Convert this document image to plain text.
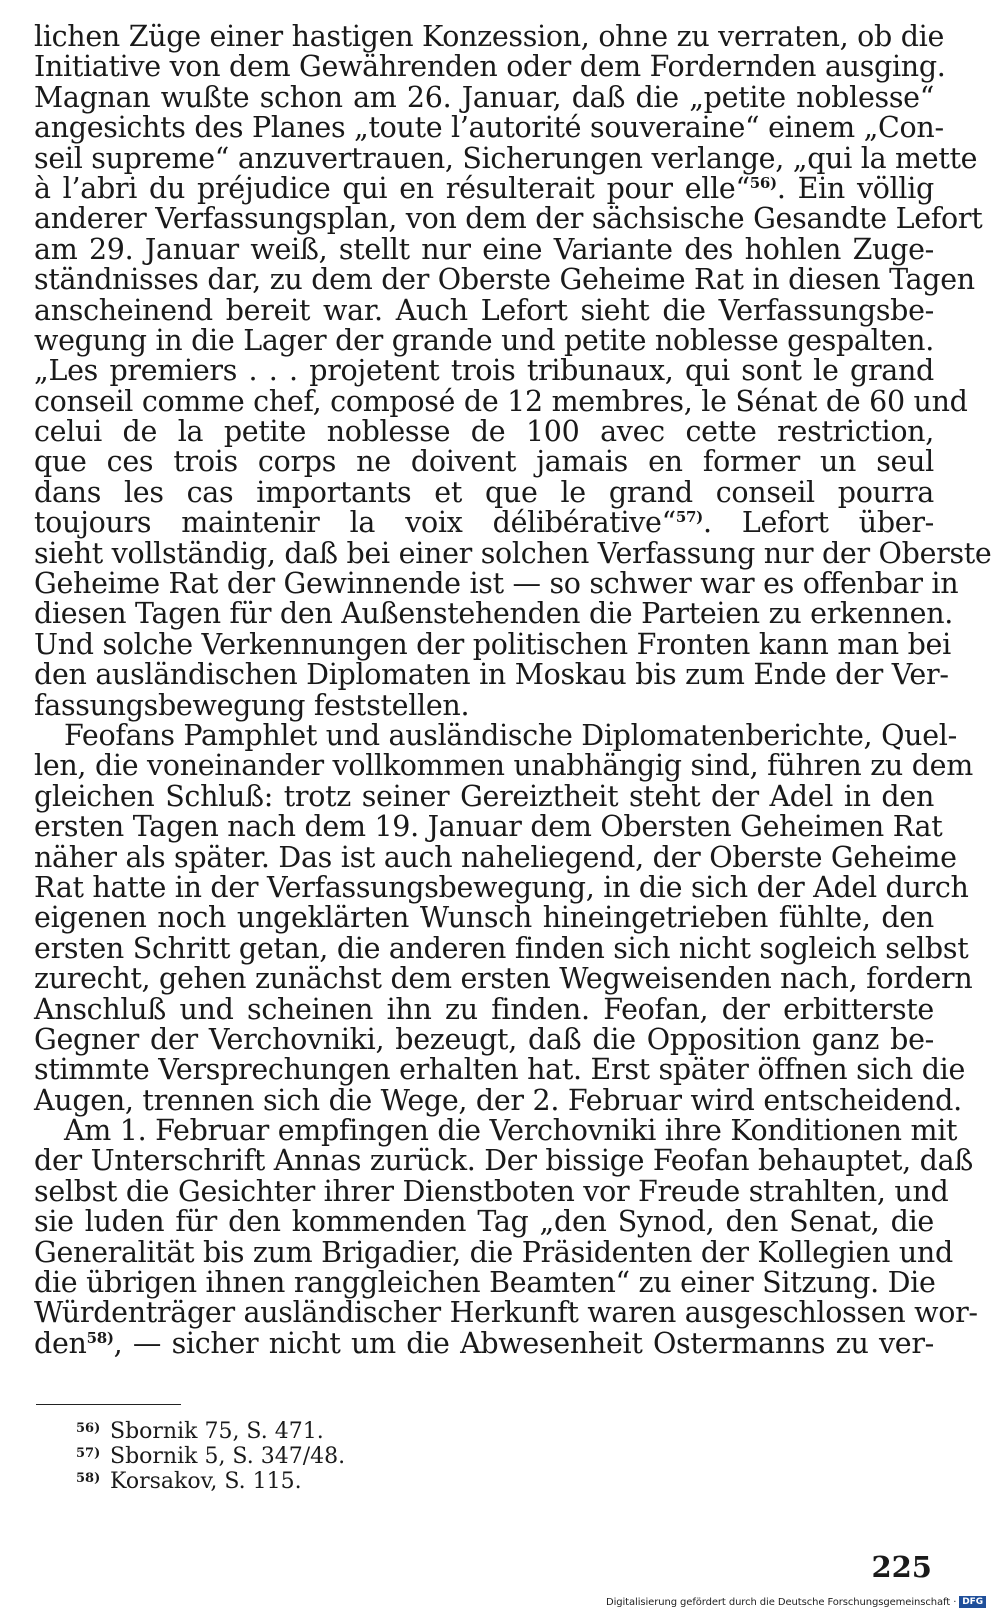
lichen Züge einer hastigen Konzession, ohne zu verraten, ob die
Initiative von dem Gewährenden oder dem Fordernden ausging.
Magnan wußte schon am 26. Januar, daß die „petite noblesse“
angesichts des Planes „toute l’autorité souveraine“ einem „Con-
seil supreme“ anzuvertrauen, Sicherungen verlange, „qui la mette
à l’abri du préjudice qui en résulterait pour elle“$^{56)}$. Ein völlig
anderer Verfassungsplan, von dem der sächsische Gesandte Lefort
am 29. Januar weiß, stellt nur eine Variante des hohlen Zuge-
ständnisses dar, zu dem der Oberste Geheime Rat in diesen Tagen
anscheinend bereit war. Auch Lefort sieht die Verfassungsbe-
wegung in die Lager der grande und petite noblesse gespalten.
„Les premiers . . . projetent trois tribunaux, qui sont le grand
conseil comme chef, composé de 12 membres, le Sénat de 60 und
celui de la petite noblesse de 100 avec cette restriction,
que ces trois corps ne doivent jamais en former un seul
dans les cas importants et que le grand conseil pourra
toujours maintenir la voix délibérative“$^{57)}$. Lefort über-
sieht vollständig, daß bei einer solchen Verfassung nur der Oberste
Geheime Rat der Gewinnende ist — so schwer war es offenbar in
diesen Tagen für den Außenstehenden die Parteien zu erkennen.
Und solche Verkennungen der politischen Fronten kann man bei
den ausländischen Diplomaten in Moskau bis zum Ende der Ver-
fassungsbewegung feststellen.
Feofans Pamphlet und ausländische Diplomatenberichte, Quel-
len, die voneinander vollkommen unabhängig sind, führen zu dem
gleichen Schluß: trotz seiner Gereiztheit steht der Adel in den
ersten Tagen nach dem 19. Januar dem Obersten Geheimen Rat
näher als später. Das ist auch naheliegend, der Oberste Geheime
Rat hatte in der Verfassungsbewegung, in die sich der Adel durch
eigenen noch ungeklärten Wunsch hineingetrieben fühlte, den
ersten Schritt getan, die anderen finden sich nicht sogleich selbst
zurecht, gehen zunächst dem ersten Wegweisenden nach, fordern
Anschluß und scheinen ihn zu finden. Feofan, der erbitterste
Gegner der Verchovniki, bezeugt, daß die Opposition ganz be-
stimmte Versprechungen erhalten hat. Erst später öffnen sich die
Augen, trennen sich die Wege, der 2. Februar wird entscheidend.
Am 1. Februar empfingen die Verchovniki ihre Konditionen mit
der Unterschrift Annas zurück. Der bissige Feofan behauptet, daß
selbst die Gesichter ihrer Dienstboten vor Freude strahlten, und
sie luden für den kommenden Tag „den Synod, den Senat, die
Generalität bis zum Brigadier, die Präsidenten der Kollegien und
die übrigen ihnen ranggleichen Beamten“ zu einer Sitzung. Die
Würdenträger ausländischer Herkunft waren ausgeschlossen wor-
den$^{58)}$, — sicher nicht um die Abwesenheit Ostermanns zu ver-
56) Sbornik 75, S. 471.
57) Sbornik 5, S. 347/48.
58) Korsakov, S. 115.
225
Digitalisierung gefördert durch die Deutsche Forschungsgemeinschaft · DFG
